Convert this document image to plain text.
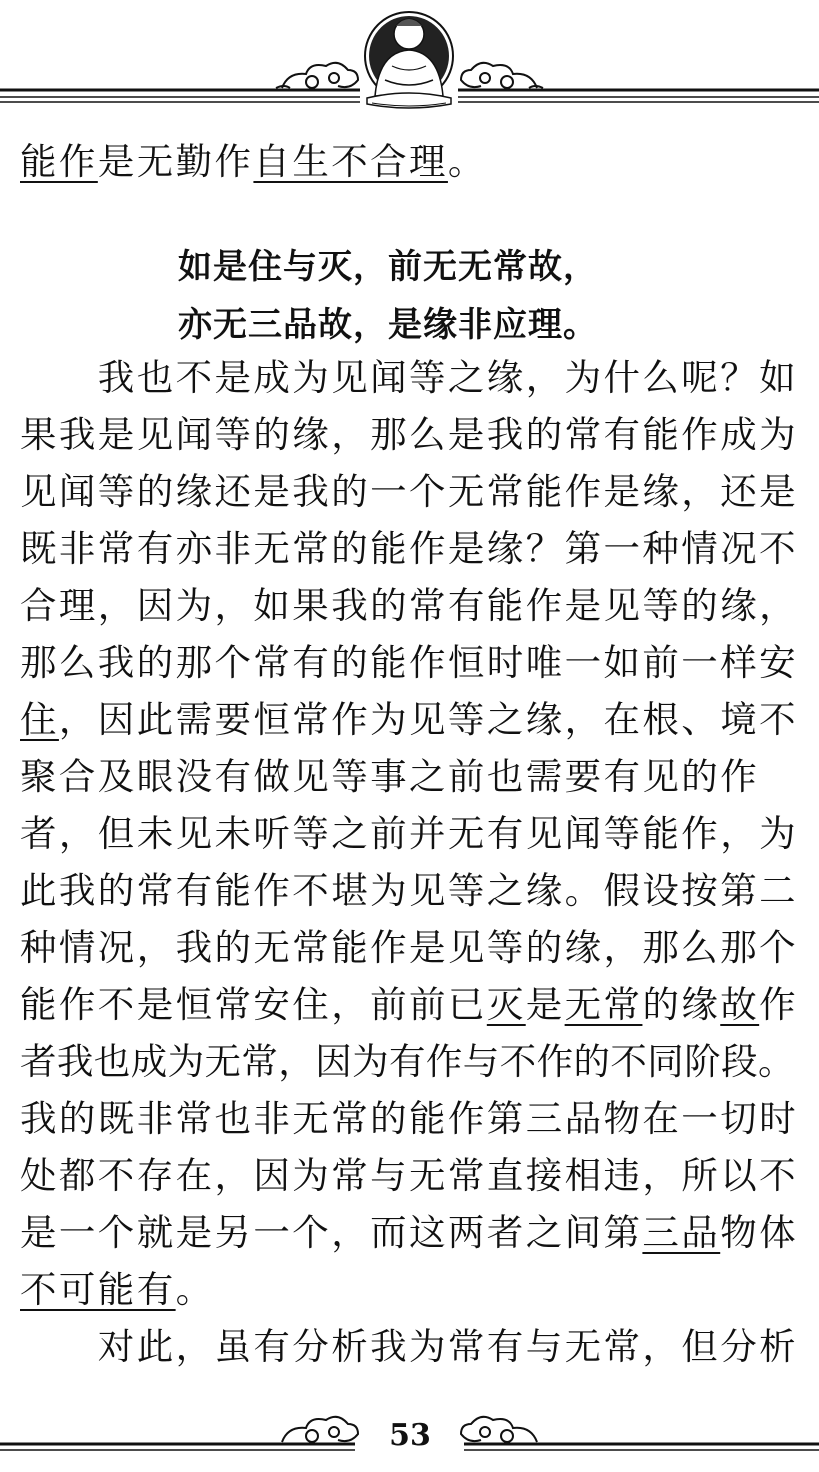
能作是无勤作自生不合理。
如是住与灭，前无无常故，
亦无三品故，是缘非应理。
　　我也不是成为见闻等之缘，为什么呢？如
果我是见闻等的缘，那么是我的常有能作成为
见闻等的缘还是我的一个无常能作是缘，还是
既非常有亦非无常的能作是缘？第一种情况不
合理，因为，如果我的常有能作是见等的缘，
那么我的那个常有的能作恒时唯一如前一样安
住，因此需要恒常作为见等之缘，在根、境不
聚合及眼没有做见等事之前也需要有见的作
者，但未见未听等之前并无有见闻等能作，为
此我的常有能作不堪为见等之缘。假设按第二
种情况，我的无常能作是见等的缘，那么那个
能作不是恒常安住，前前已灭是无常的缘故作
者我也成为无常，因为有作与不作的不同阶段。
我的既非常也非无常的能作第三品物在一切时
处都不存在，因为常与无常直接相违，所以不
是一个就是另一个，而这两者之间第三品物体
不可能有。
　　对此，虽有分析我为常有与无常，但分析
53
